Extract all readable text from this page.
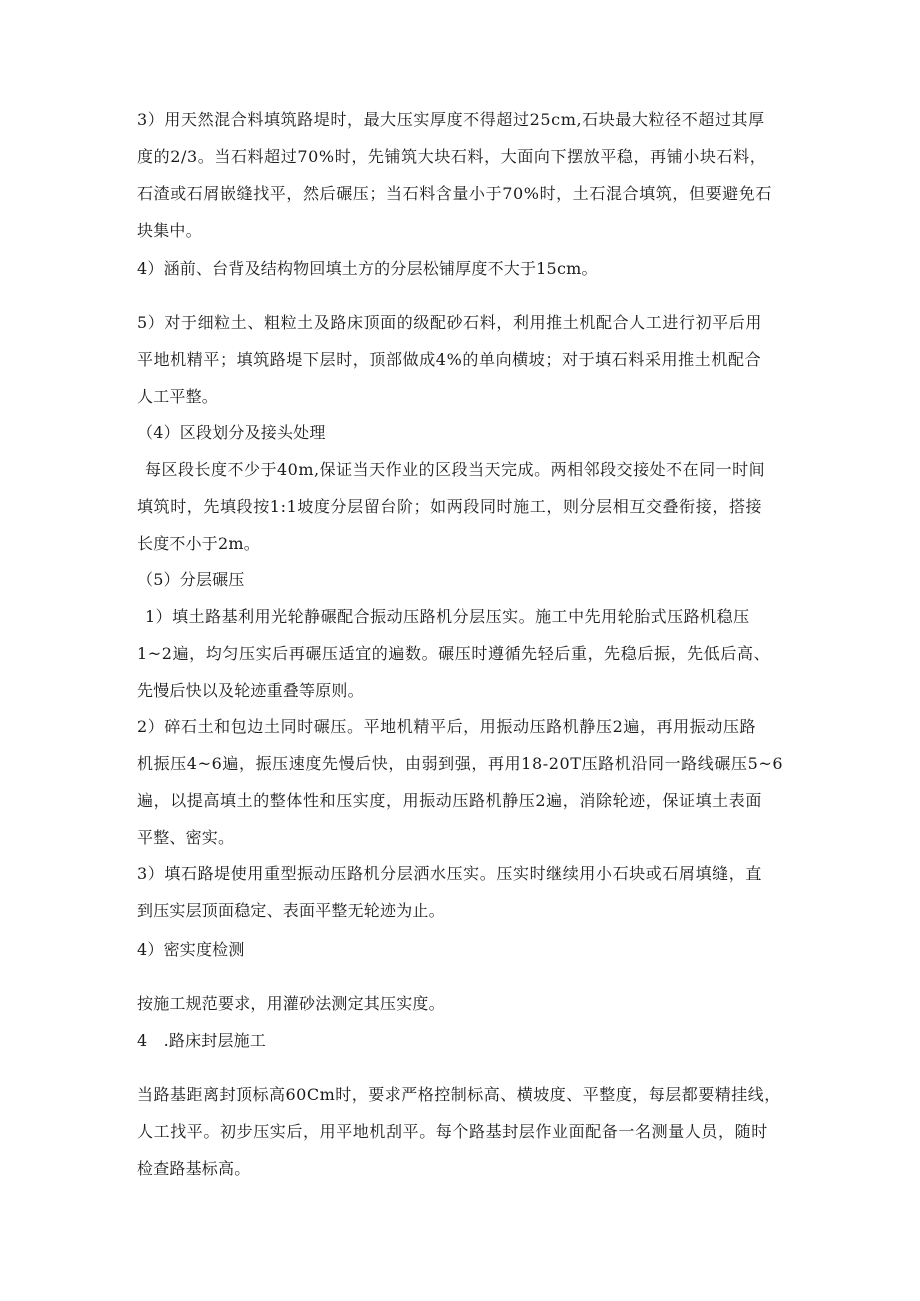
3）用天然混合料填筑路堤时，最大压实厚度不得超过25cm,石块最大粒径不超过其厚
度的2/3。当石料超过70%时，先铺筑大块石料，大面向下摆放平稳，再铺小块石料，
石渣或石屑嵌缝找平，然后碾压；当石料含量小于70%时，土石混合填筑，但要避免石
块集中。
4）涵前、台背及结构物回填土方的分层松铺厚度不大于15cm。
5）对于细粒土、粗粒土及路床顶面的级配砂石料，利用推土机配合人工进行初平后用
平地机精平；填筑路堤下层时，顶部做成4%的单向横坡；对于填石料采用推土机配合
人工平整。
（4）区段划分及接头处理
每区段长度不少于40m,保证当天作业的区段当天完成。两相邻段交接处不在同一时间
填筑时，先填段按1:1坡度分层留台阶；如两段同时施工，则分层相互交叠衔接，搭接
长度不小于2m。
（5）分层碾压
1）填土路基利用光轮静碾配合振动压路机分层压实。施工中先用轮胎式压路机稳压
1~2遍，均匀压实后再碾压适宜的遍数。碾压时遵循先轻后重，先稳后振，先低后高、
先慢后快以及轮迹重叠等原则。
2）碎石土和包边土同时碾压。平地机精平后，用振动压路机静压2遍，再用振动压路
机振压4~6遍，振压速度先慢后快，由弱到强，再用18-20T压路机沿同一路线碾压5~6
遍，以提高填土的整体性和压实度，用振动压路机静压2遍，消除轮迹，保证填土表面
平整、密实。
3）填石路堤使用重型振动压路机分层洒水压实。压实时继续用小石块或石屑填缝，直
到压实层顶面稳定、表面平整无轮迹为止。
4）密实度检测
按施工规范要求，用灌砂法测定其压实度。
4　.路床封层施工
当路基距离封顶标高60Cm时，要求严格控制标高、横坡度、平整度，每层都要精挂线，
人工找平。初步压实后，用平地机刮平。每个路基封层作业面配备一名测量人员，随时
检查路基标高。
